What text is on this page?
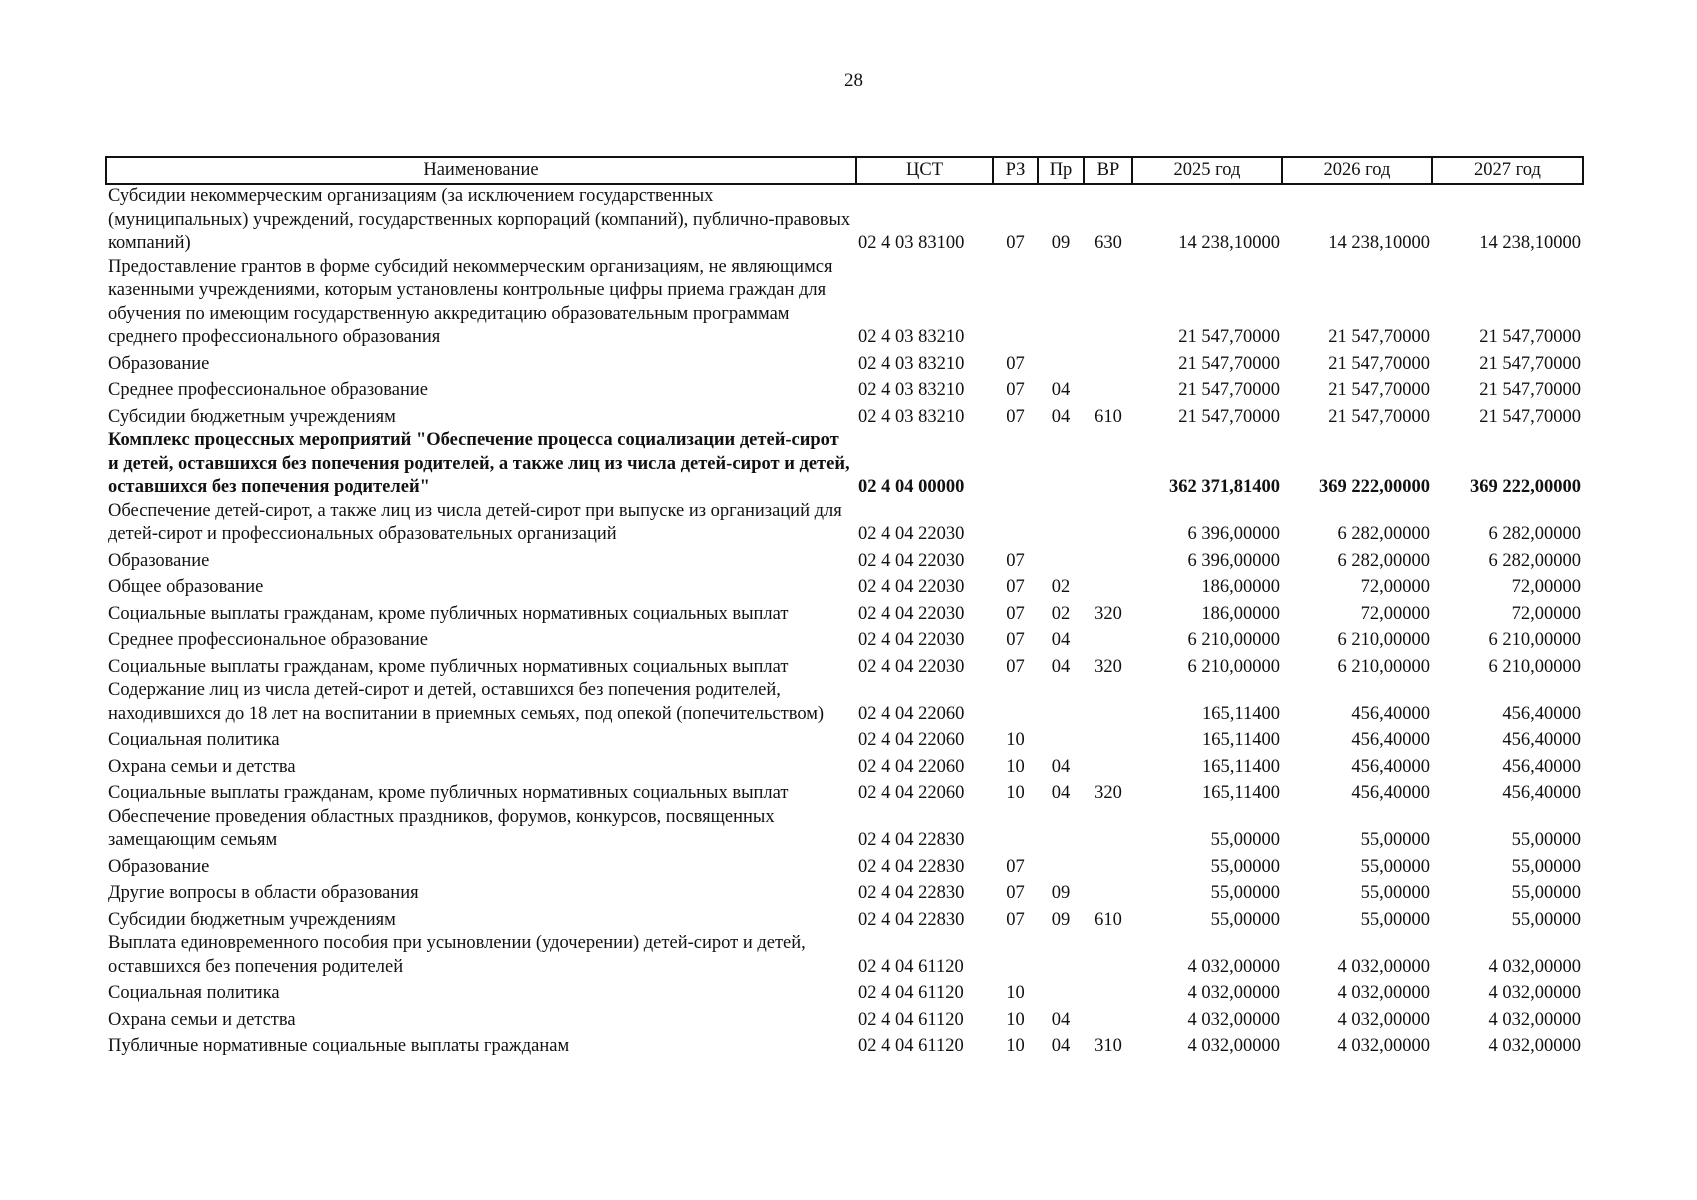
28
Наименование	ЦСТ	РЗ	Пр	ВР	2025 год	2026 год	2027 год
Субсидии некоммерческим организациям (за исключением государственных (муниципальных) учреждений, государственных корпораций (компаний), публично-правовых компаний)	02 4 03 83100	07	09	630	14 238,10000	14 238,10000	14 238,10000
Предоставление грантов в форме субсидий некоммерческим организациям, не являющимся казенными учреждениями, которым установлены контрольные цифры приема граждан для обучения по имеющим государственную аккредитацию образовательным программам среднего профессионального образования	02 4 03 83210				21 547,70000	21 547,70000	21 547,70000
Образование	02 4 03 83210	07			21 547,70000	21 547,70000	21 547,70000
Среднее профессиональное образование	02 4 03 83210	07	04		21 547,70000	21 547,70000	21 547,70000
Субсидии бюджетным учреждениям	02 4 03 83210	07	04	610	21 547,70000	21 547,70000	21 547,70000
Комплекс процессных мероприятий "Обеспечение процесса социализации детей-сирот и детей, оставшихся без попечения родителей, а также лиц из числа детей-сирот и детей, оставшихся без попечения родителей"	02 4 04 00000				362 371,81400	369 222,00000	369 222,00000
Обеспечение детей-сирот, а также лиц из числа детей-сирот при выпуске из организаций для детей-сирот и профессиональных образовательных организаций	02 4 04 22030				6 396,00000	6 282,00000	6 282,00000
Образование	02 4 04 22030	07			6 396,00000	6 282,00000	6 282,00000
Общее образование	02 4 04 22030	07	02		186,00000	72,00000	72,00000
Социальные выплаты гражданам, кроме публичных нормативных социальных выплат	02 4 04 22030	07	02	320	186,00000	72,00000	72,00000
Среднее профессиональное образование	02 4 04 22030	07	04		6 210,00000	6 210,00000	6 210,00000
Социальные выплаты гражданам, кроме публичных нормативных социальных выплат	02 4 04 22030	07	04	320	6 210,00000	6 210,00000	6 210,00000
Содержание лиц из числа детей-сирот и детей, оставшихся без попечения родителей, находившихся до 18 лет на воспитании в приемных семьях, под опекой (попечительством)	02 4 04 22060				165,11400	456,40000	456,40000
Социальная политика	02 4 04 22060	10			165,11400	456,40000	456,40000
Охрана семьи и детства	02 4 04 22060	10	04		165,11400	456,40000	456,40000
Социальные выплаты гражданам, кроме публичных нормативных социальных выплат	02 4 04 22060	10	04	320	165,11400	456,40000	456,40000
Обеспечение проведения областных праздников, форумов, конкурсов, посвященных замещающим семьям	02 4 04 22830				55,00000	55,00000	55,00000
Образование	02 4 04 22830	07			55,00000	55,00000	55,00000
Другие вопросы в области образования	02 4 04 22830	07	09		55,00000	55,00000	55,00000
Субсидии бюджетным учреждениям	02 4 04 22830	07	09	610	55,00000	55,00000	55,00000
Выплата единовременного пособия при усыновлении (удочерении) детей-сирот и детей, оставшихся без попечения родителей	02 4 04 61120				4 032,00000	4 032,00000	4 032,00000
Социальная политика	02 4 04 61120	10			4 032,00000	4 032,00000	4 032,00000
Охрана семьи и детства	02 4 04 61120	10	04		4 032,00000	4 032,00000	4 032,00000
Публичные нормативные социальные выплаты гражданам	02 4 04 61120	10	04	310	4 032,00000	4 032,00000	4 032,00000
